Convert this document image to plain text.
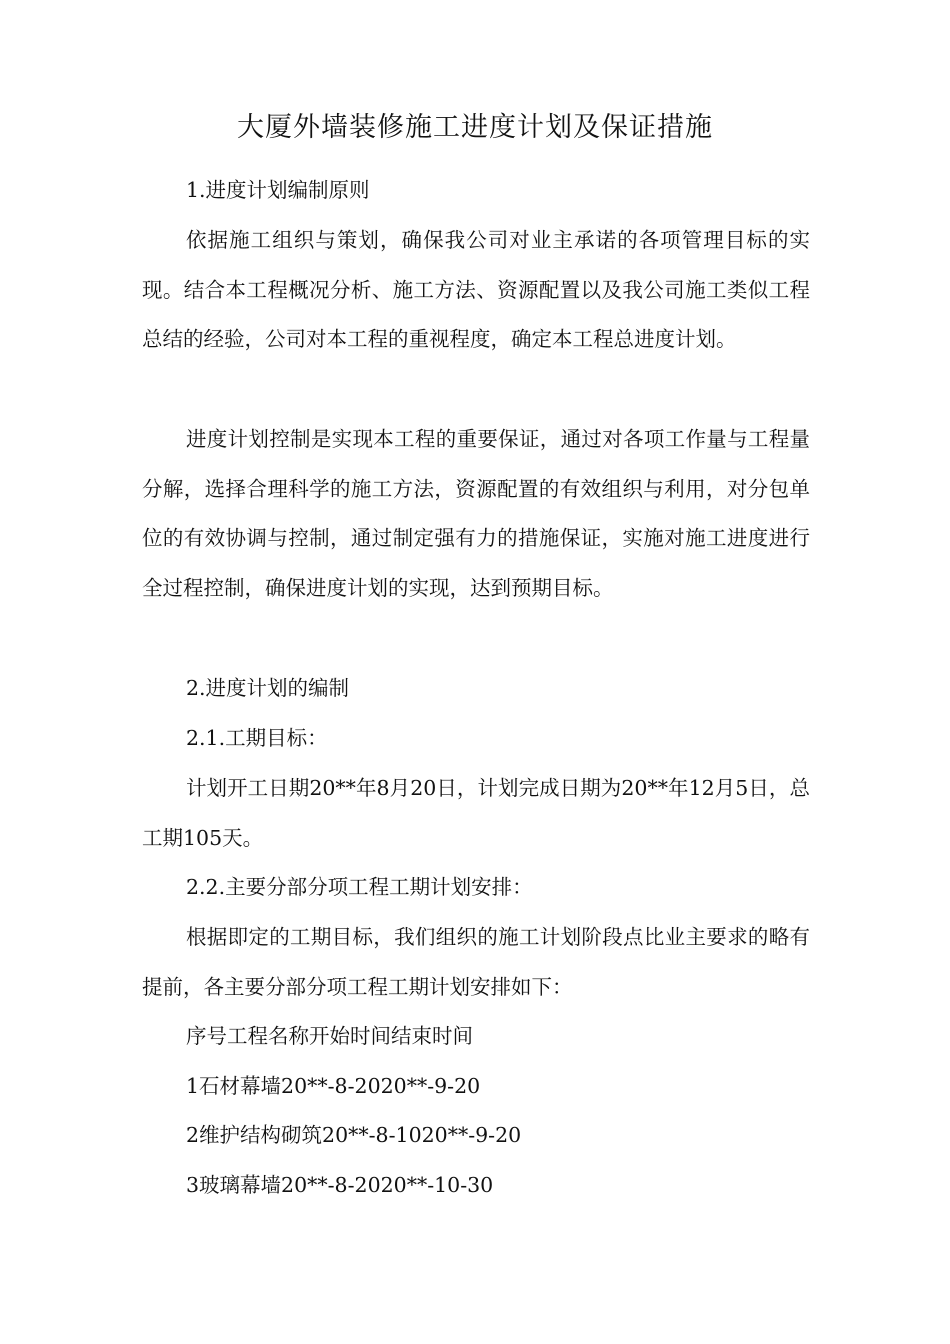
大厦外墙装修施工进度计划及保证措施

1.进度计划编制原则

依据施工组织与策划，确保我公司对业主承诺的各项管理目标的实现。结合本工程概况分析、施工方法、资源配置以及我公司施工类似工程总结的经验，公司对本工程的重视程度，确定本工程总进度计划。

进度计划控制是实现本工程的重要保证，通过对各项工作量与工程量分解，选择合理科学的施工方法，资源配置的有效组织与利用，对分包单位的有效协调与控制，通过制定强有力的措施保证，实施对施工进度进行全过程控制，确保进度计划的实现，达到预期目标。

2.进度计划的编制

2.1.工期目标：

计划开工日期20**年8月20日，计划完成日期为20**年12月5日，总工期105天。

2.2.主要分部分项工程工期计划安排：

根据即定的工期目标，我们组织的施工计划阶段点比业主要求的略有提前，各主要分部分项工程工期计划安排如下：

序号工程名称开始时间结束时间

1石材幕墙20**-8-2020**-9-20

2维护结构砌筑20**-8-1020**-9-20

3玻璃幕墙20**-8-2020**-10-30
